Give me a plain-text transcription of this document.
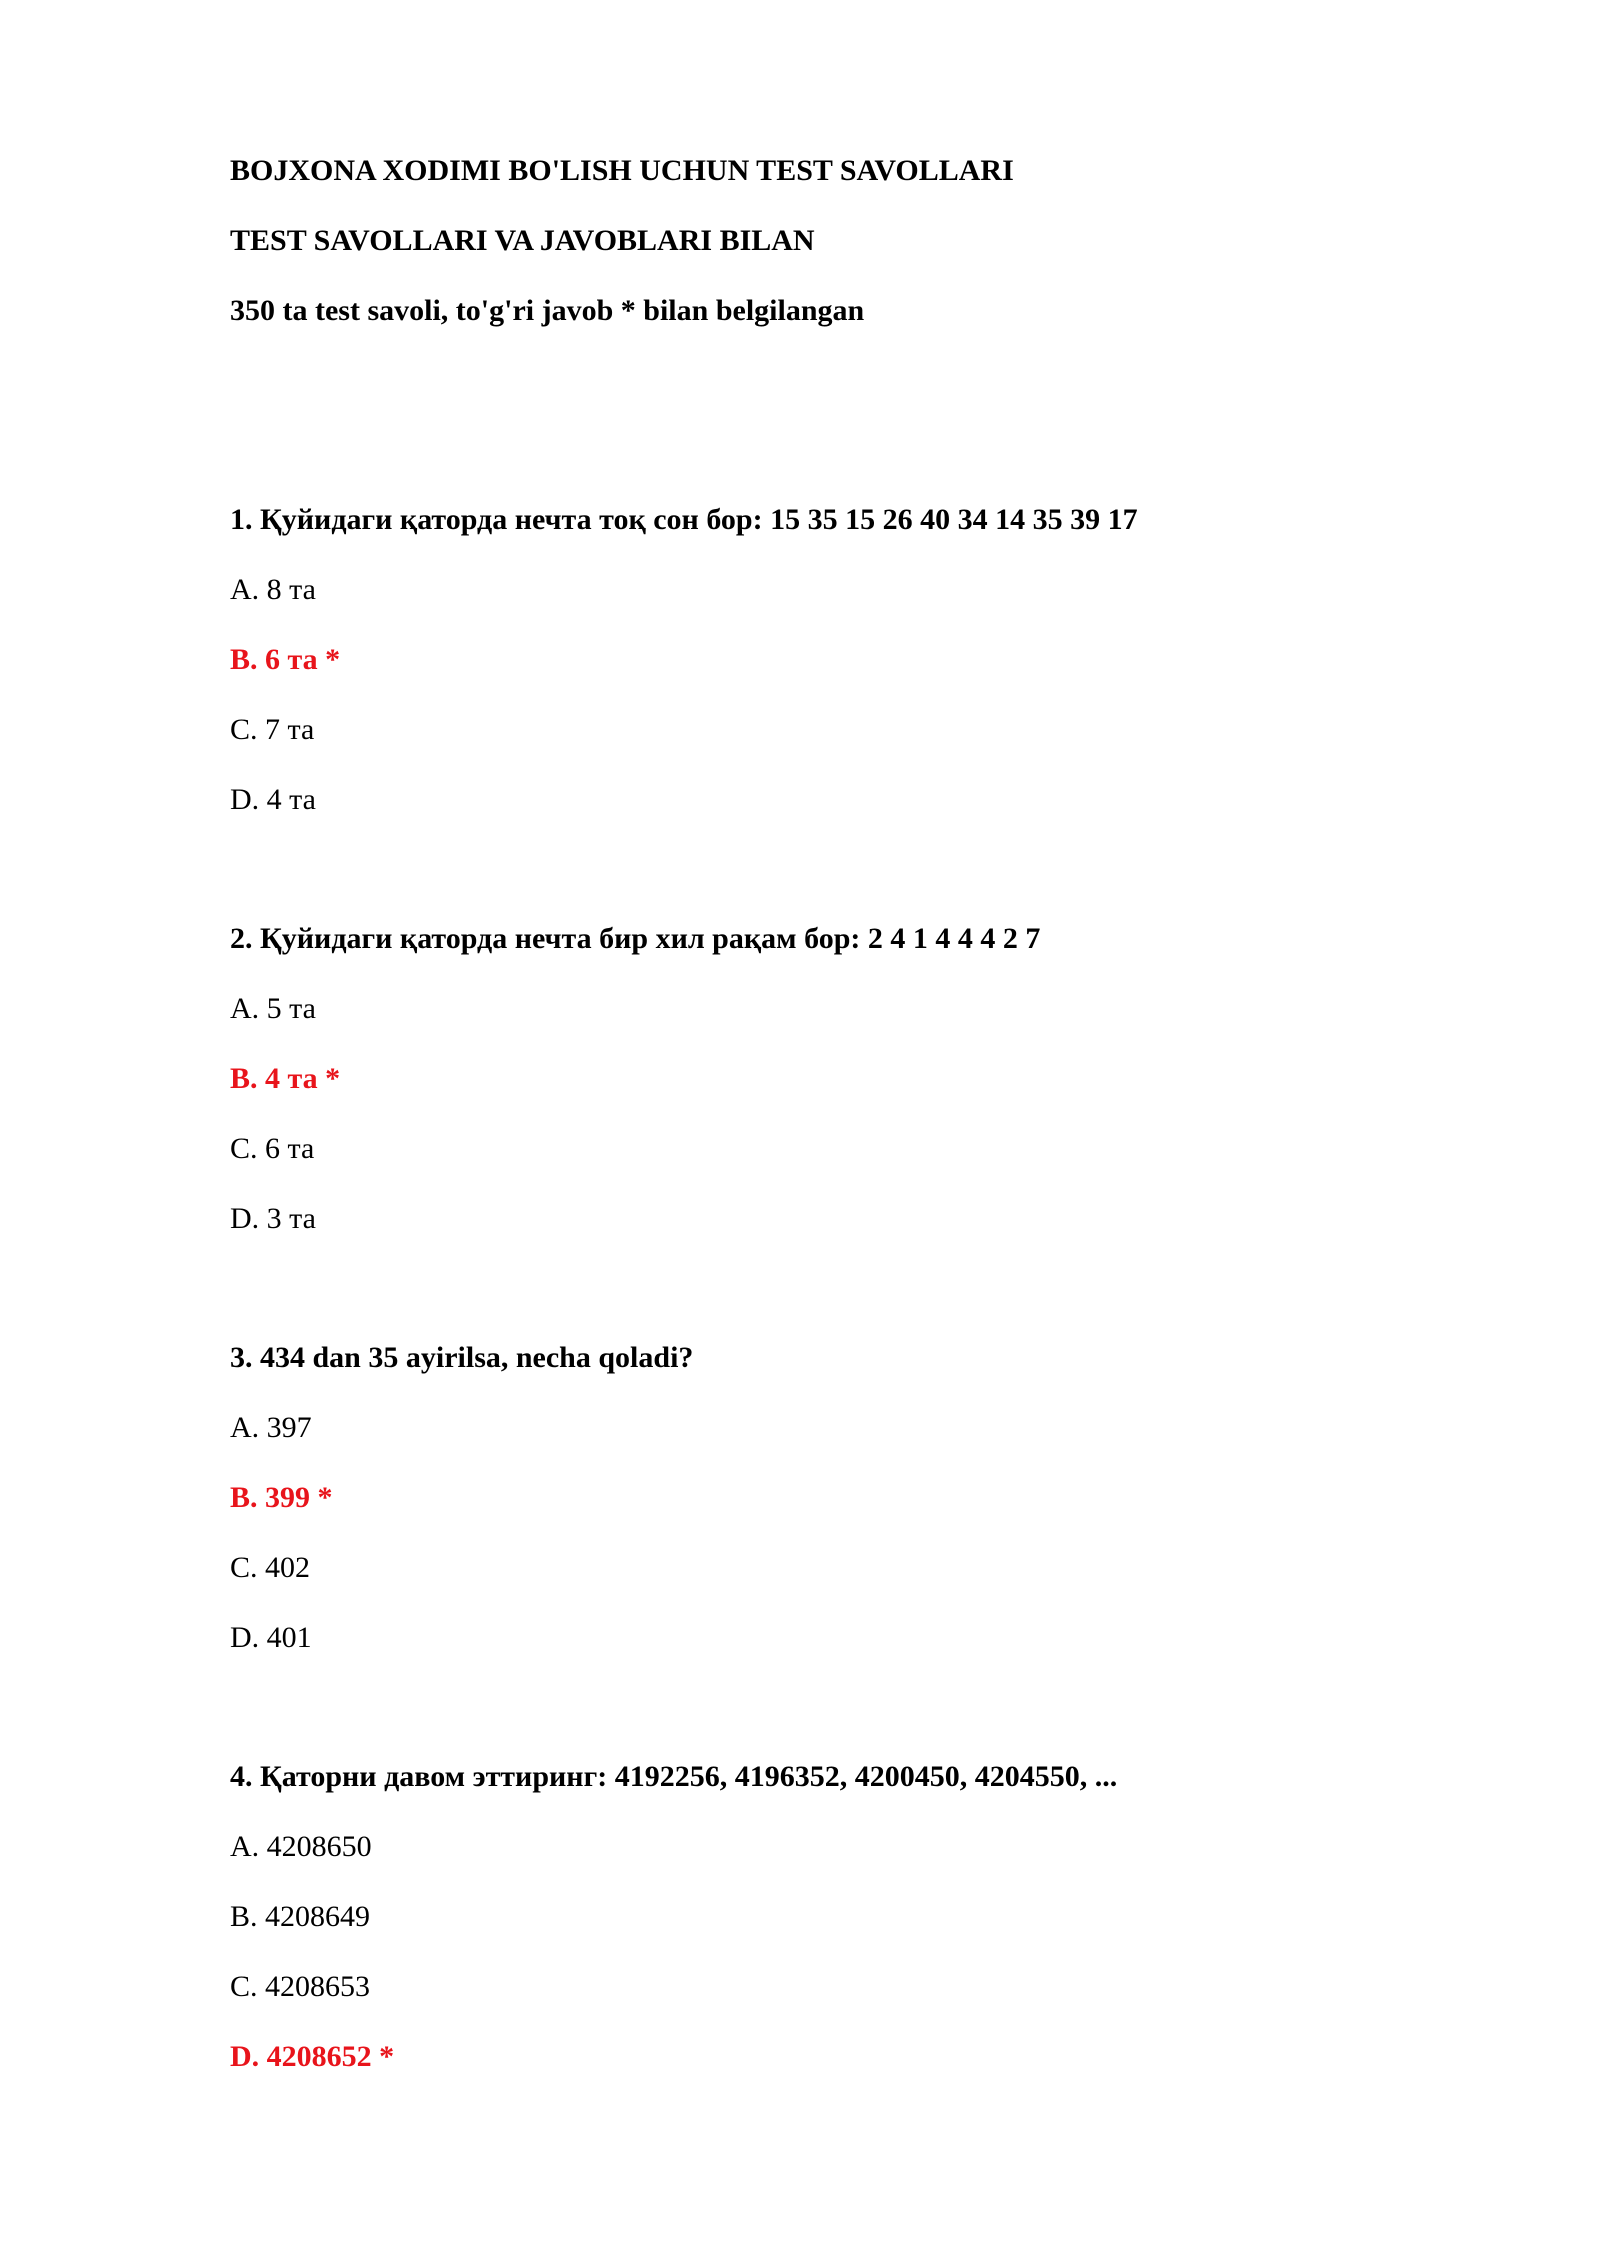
BOJXONA XODIMI BO'LISH UCHUN TEST SAVOLLARI
TEST SAVOLLARI VA JAVOBLARI BILAN
350 ta test savoli, to'g'ri javob * bilan belgilangan
1. Қуйидаги қаторда нечта тоқ сон бор: 15 35 15 26 40 34 14 35 39 17
A. 8 та
B. 6 та *
C. 7 та
D. 4 та
2. Қуйидаги қаторда нечта бир хил рақам бор: 2 4 1 4 4 4 2 7
A. 5 та
B. 4 та *
C. 6 та
D. 3 та
3. 434 dan 35 ayirilsa, necha qoladi?
A. 397
B. 399 *
C. 402
D. 401
4. Қаторни давом эттиринг: 4192256, 4196352, 4200450, 4204550, ...
A. 4208650
B. 4208649
C. 4208653
D. 4208652 *
